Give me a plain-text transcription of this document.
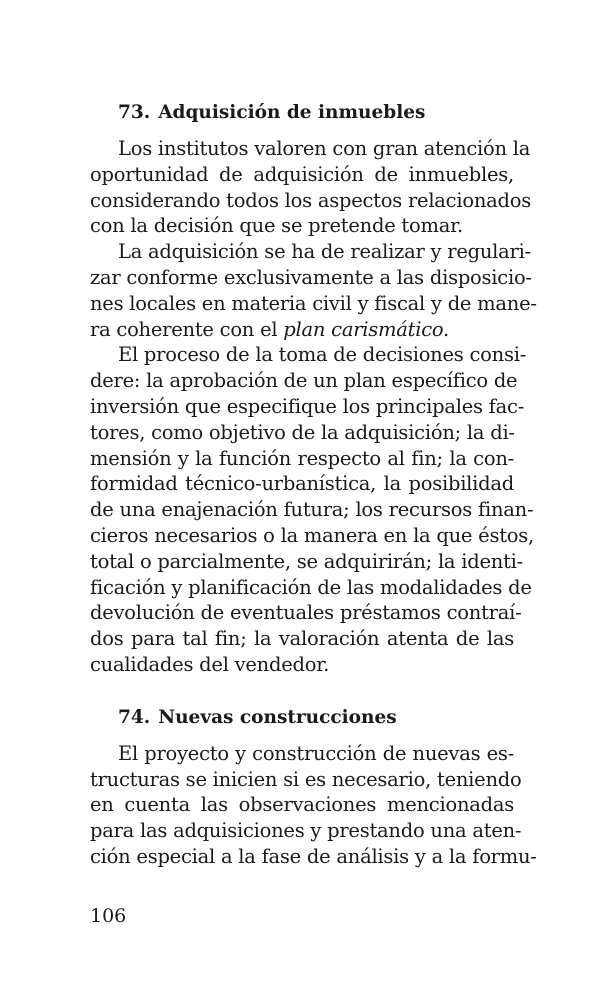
73. Adquisición de inmuebles
Los institutos valoren con gran atención la
oportunidad de adquisición de inmuebles,
considerando todos los aspectos relacionados
con la decisión que se pretende tomar.
La adquisición se ha de realizar y regulari-
zar conforme exclusivamente a las disposicio-
nes locales en materia civil y fiscal y de mane-
ra coherente con el plan carismático.
El proceso de la toma de decisiones consi-
dere: la aprobación de un plan específico de
inversión que especifique los principales fac-
tores, como objetivo de la adquisición; la di-
mensión y la función respecto al fin; la con-
formidad técnico-urbanística, la posibilidad
de una enajenación futura; los recursos finan-
cieros necesarios o la manera en la que éstos,
total o parcialmente, se adquirirán; la identi-
ficación y planificación de las modalidades de
devolución de eventuales préstamos contraí-
dos para tal fin; la valoración atenta de las
cualidades del vendedor.
74. Nuevas construcciones
El proyecto y construcción de nuevas es-
tructuras se inicien si es necesario, teniendo
en cuenta las observaciones mencionadas
para las adquisiciones y prestando una aten-
ción especial a la fase de análisis y a la formu-
106
